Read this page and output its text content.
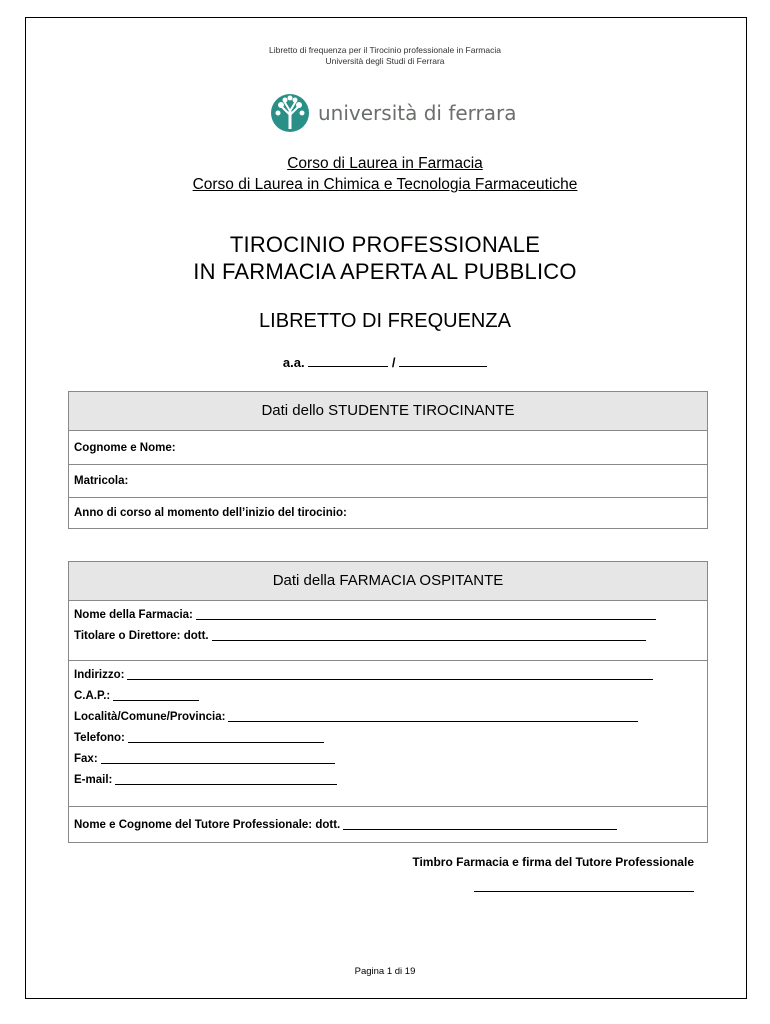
Libretto di frequenza per il Tirocinio professionale in Farmacia
Università degli Studi di Ferrara
università di ferrara
Corso di Laurea in Farmacia
Corso di Laurea in Chimica e Tecnologia Farmaceutiche
TIROCINIO PROFESSIONALE
IN FARMACIA APERTA AL PUBBLICO
LIBRETTO DI FREQUENZA
a.a.	/
Dati dello STUDENTE TIROCINANTE
Cognome e Nome:
Matricola:
Anno di corso al momento dell’inizio del tirocinio:
Dati della FARMACIA OSPITANTE
Nome della Farmacia:
Titolare o Direttore: dott.
Indirizzo:
C.A.P.:
Località/Comune/Provincia:
Telefono:
Fax:
E-mail:
Nome e Cognome del Tutore Professionale: dott.
Timbro Farmacia e firma del Tutore Professionale
Pagina 1 di 19
